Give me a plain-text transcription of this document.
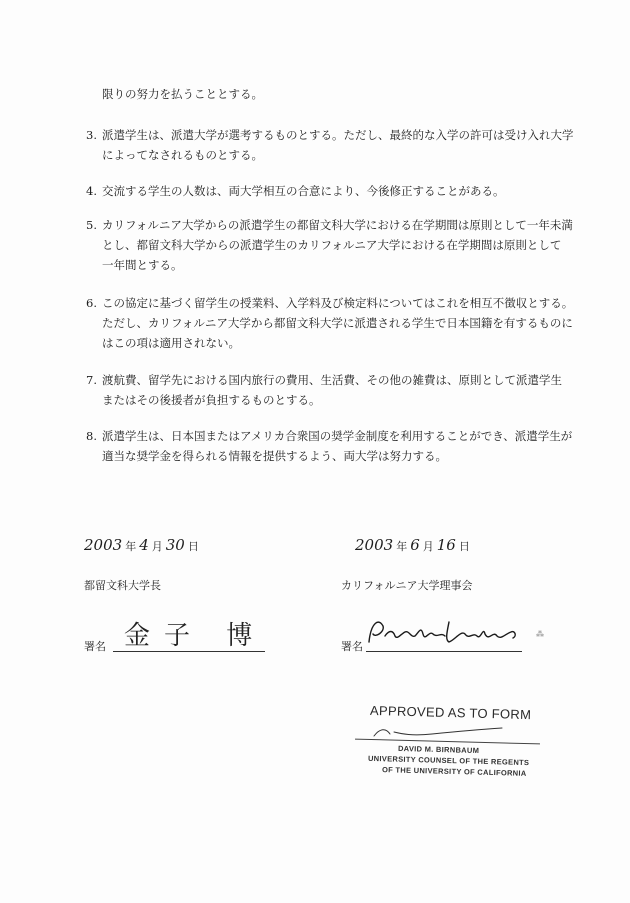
限りの努力を払うこととする。
3. 派遣学生は、派遣大学が選考するものとする。ただし、最終的な入学の許可は受け入れ大学
によってなされるものとする。
4. 交流する学生の人数は、両大学相互の合意により、今後修正することがある。
5. カリフォルニア大学からの派遣学生の都留文科大学における在学期間は原則として一年未満
とし、都留文科大学からの派遣学生のカリフォルニア大学における在学期間は原則として
一年間とする。
6. この協定に基づく留学生の授業料、入学料及び検定料についてはこれを相互不徴収とする。
ただし、カリフォルニア大学から都留文科大学に派遣される学生で日本国籍を有するものに
はこの項は適用されない。
7. 渡航費、留学先における国内旅行の費用、生活費、その他の雑費は、原則として派遣学生
またはその後援者が負担するものとする。
8. 派遣学生は、日本国またはアメリカ合衆国の奨学金制度を利用することができ、派遣学生が
適当な奨学金を得られる情報を提供するよう、両大学は努力する。
2003 年 4 月 30 日
都留文科大学長
署名 金子 博
2003 年 6 月 16 日
カリフォルニア大学理事会
署名
⁂
APPROVED AS TO FORM
DAVID M. BIRNBAUM
UNIVERSITY COUNSEL OF THE REGENTS
OF THE UNIVERSITY OF CALIFORNIA
